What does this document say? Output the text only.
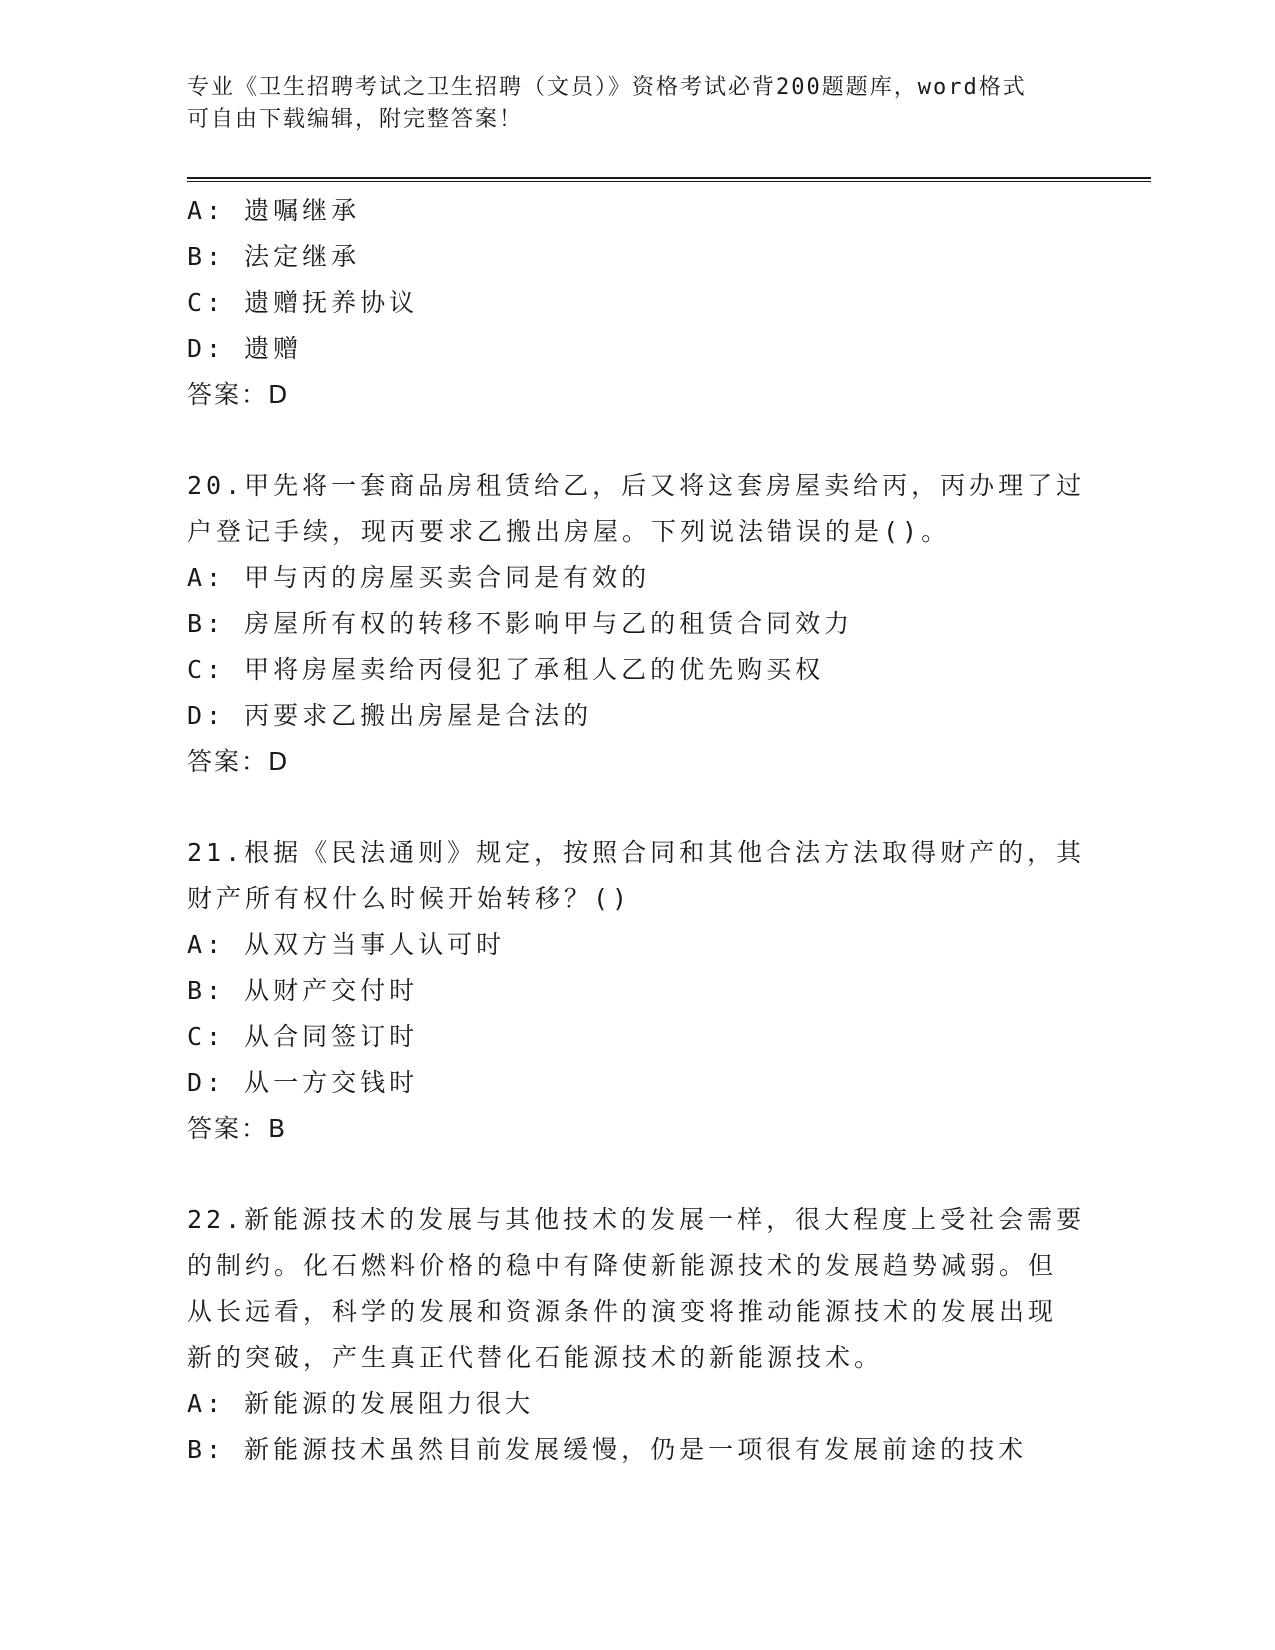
专业《卫生招聘考试之卫生招聘（文员）》资格考试必背200题题库，word格式
可自由下载编辑，附完整答案！
A: 遗嘱继承
B: 法定继承
C: 遗赠抚养协议
D: 遗赠
答案：D
20.甲先将一套商品房租赁给乙，后又将这套房屋卖给丙，丙办理了过
户登记手续，现丙要求乙搬出房屋。下列说法错误的是()。
A: 甲与丙的房屋买卖合同是有效的
B: 房屋所有权的转移不影响甲与乙的租赁合同效力
C: 甲将房屋卖给丙侵犯了承租人乙的优先购买权
D: 丙要求乙搬出房屋是合法的
答案：D
21.根据《民法通则》规定，按照合同和其他合法方法取得财产的，其
财产所有权什么时候开始转移？()
A: 从双方当事人认可时
B: 从财产交付时
C: 从合同签订时
D: 从一方交钱时
答案：B
22.新能源技术的发展与其他技术的发展一样，很大程度上受社会需要
的制约。化石燃料价格的稳中有降使新能源技术的发展趋势减弱。但
从长远看，科学的发展和资源条件的演变将推动能源技术的发展出现
新的突破，产生真正代替化石能源技术的新能源技术。
A: 新能源的发展阻力很大
B: 新能源技术虽然目前发展缓慢，仍是一项很有发展前途的技术
